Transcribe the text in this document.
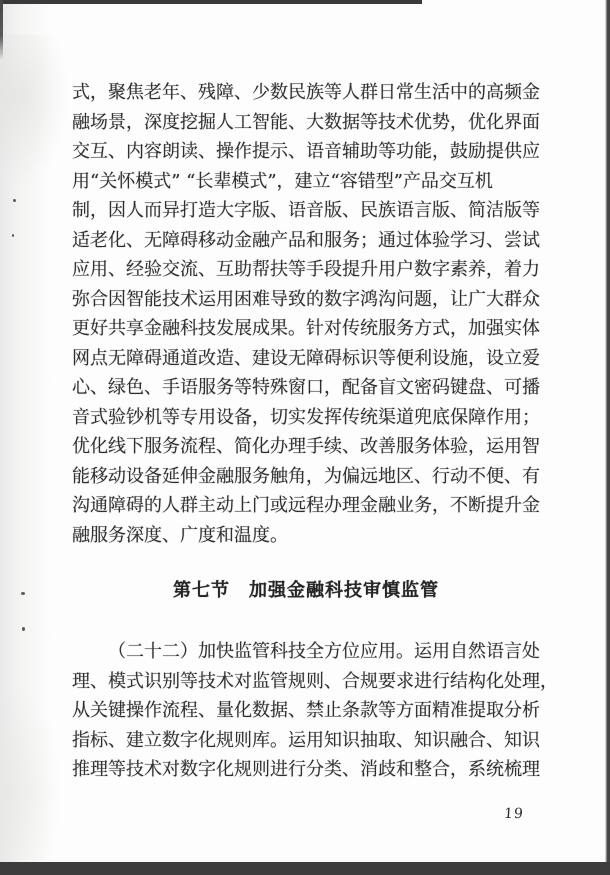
式，聚焦老年、残障、少数民族等人群日常生活中的高频金
融场景，深度挖掘人工智能、大数据等技术优势，优化界面
交互、内容朗读、操作提示、语音辅助等功能，鼓励提供应
用“关怀模式” “长辈模式”，建立“容错型”产品交互机
制，因人而异打造大字版、语音版、民族语言版、简洁版等
适老化、无障碍移动金融产品和服务；通过体验学习、尝试
应用、经验交流、互助帮扶等手段提升用户数字素养，着力
弥合因智能技术运用困难导致的数字鸿沟问题，让广大群众
更好共享金融科技发展成果。针对传统服务方式，加强实体
网点无障碍通道改造、建设无障碍标识等便利设施，设立爱
心、绿色、手语服务等特殊窗口，配备盲文密码键盘、可播
音式验钞机等专用设备，切实发挥传统渠道兜底保障作用；
优化线下服务流程、简化办理手续、改善服务体验，运用智
能移动设备延伸金融服务触角，为偏远地区、行动不便、有
沟通障碍的人群主动上门或远程办理金融业务，不断提升金
融服务深度、广度和温度。
第七节　加强金融科技审慎监管
（二十二）加快监管科技全方位应用。运用自然语言处
理、模式识别等技术对监管规则、合规要求进行结构化处理，
从关键操作流程、量化数据、禁止条款等方面精准提取分析
指标、建立数字化规则库。运用知识抽取、知识融合、知识
推理等技术对数字化规则进行分类、消歧和整合，系统梳理
19
